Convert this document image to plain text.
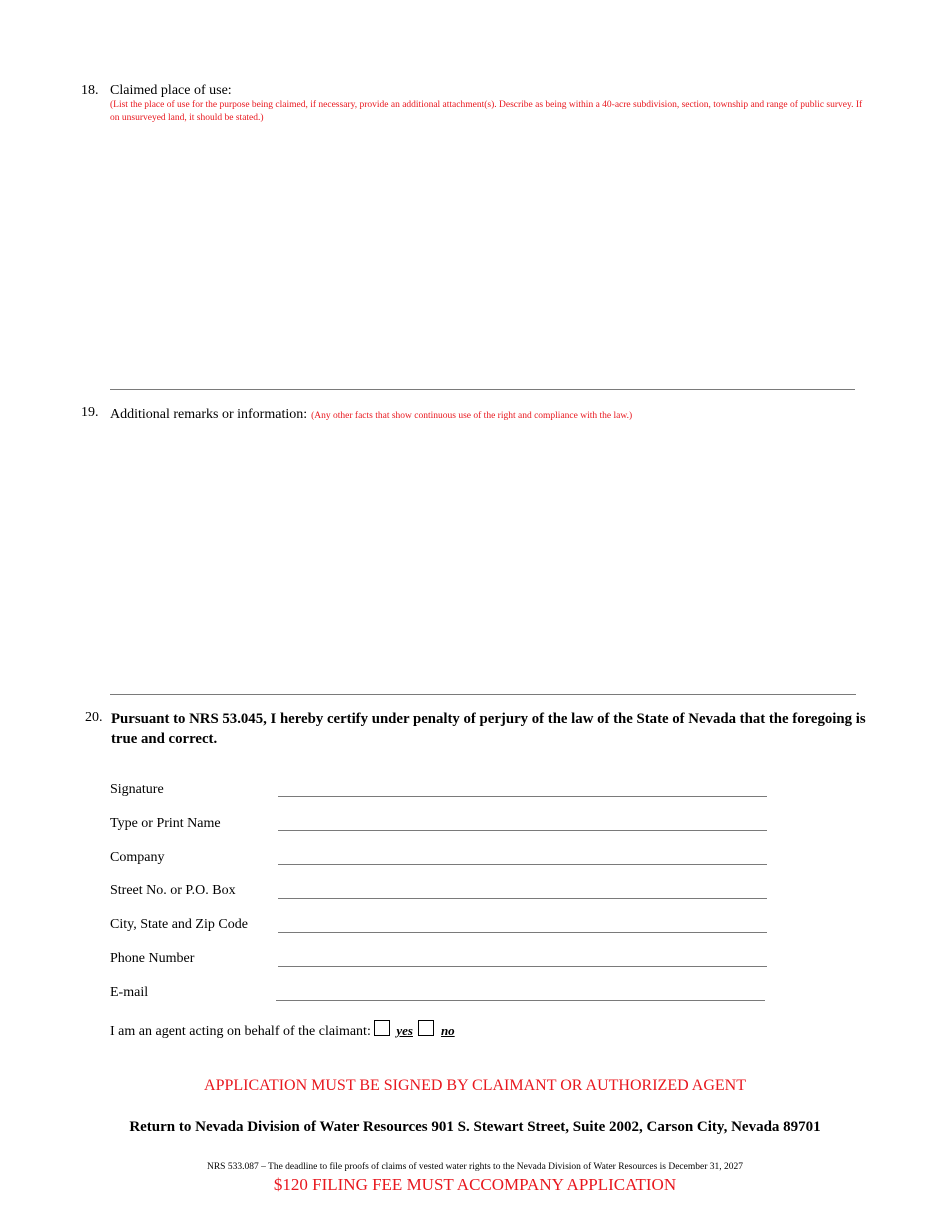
18. Claimed place of use:
(List the place of use for the purpose being claimed, if necessary, provide an additional attachment(s). Describe as being within a 40-acre subdivision, section, township and range of public survey. If on unsurveyed land, it should be stated.)
19. Additional remarks or information: (Any other facts that show continuous use of the right and compliance with the law.)
20. Pursuant to NRS 53.045, I hereby certify under penalty of perjury of the law of the State of Nevada that the foregoing is true and correct.
Signature
Type or Print Name
Company
Street No. or P.O. Box
City, State and Zip Code
Phone Number
E-mail
I am an agent acting on behalf of the claimant: yes no
APPLICATION MUST BE SIGNED BY CLAIMANT OR AUTHORIZED AGENT
Return to Nevada Division of Water Resources 901 S. Stewart Street, Suite 2002, Carson City, Nevada 89701
NRS 533.087 – The deadline to file proofs of claims of vested water rights to the Nevada Division of Water Resources is December 31, 2027
$120 FILING FEE MUST ACCOMPANY APPLICATION
